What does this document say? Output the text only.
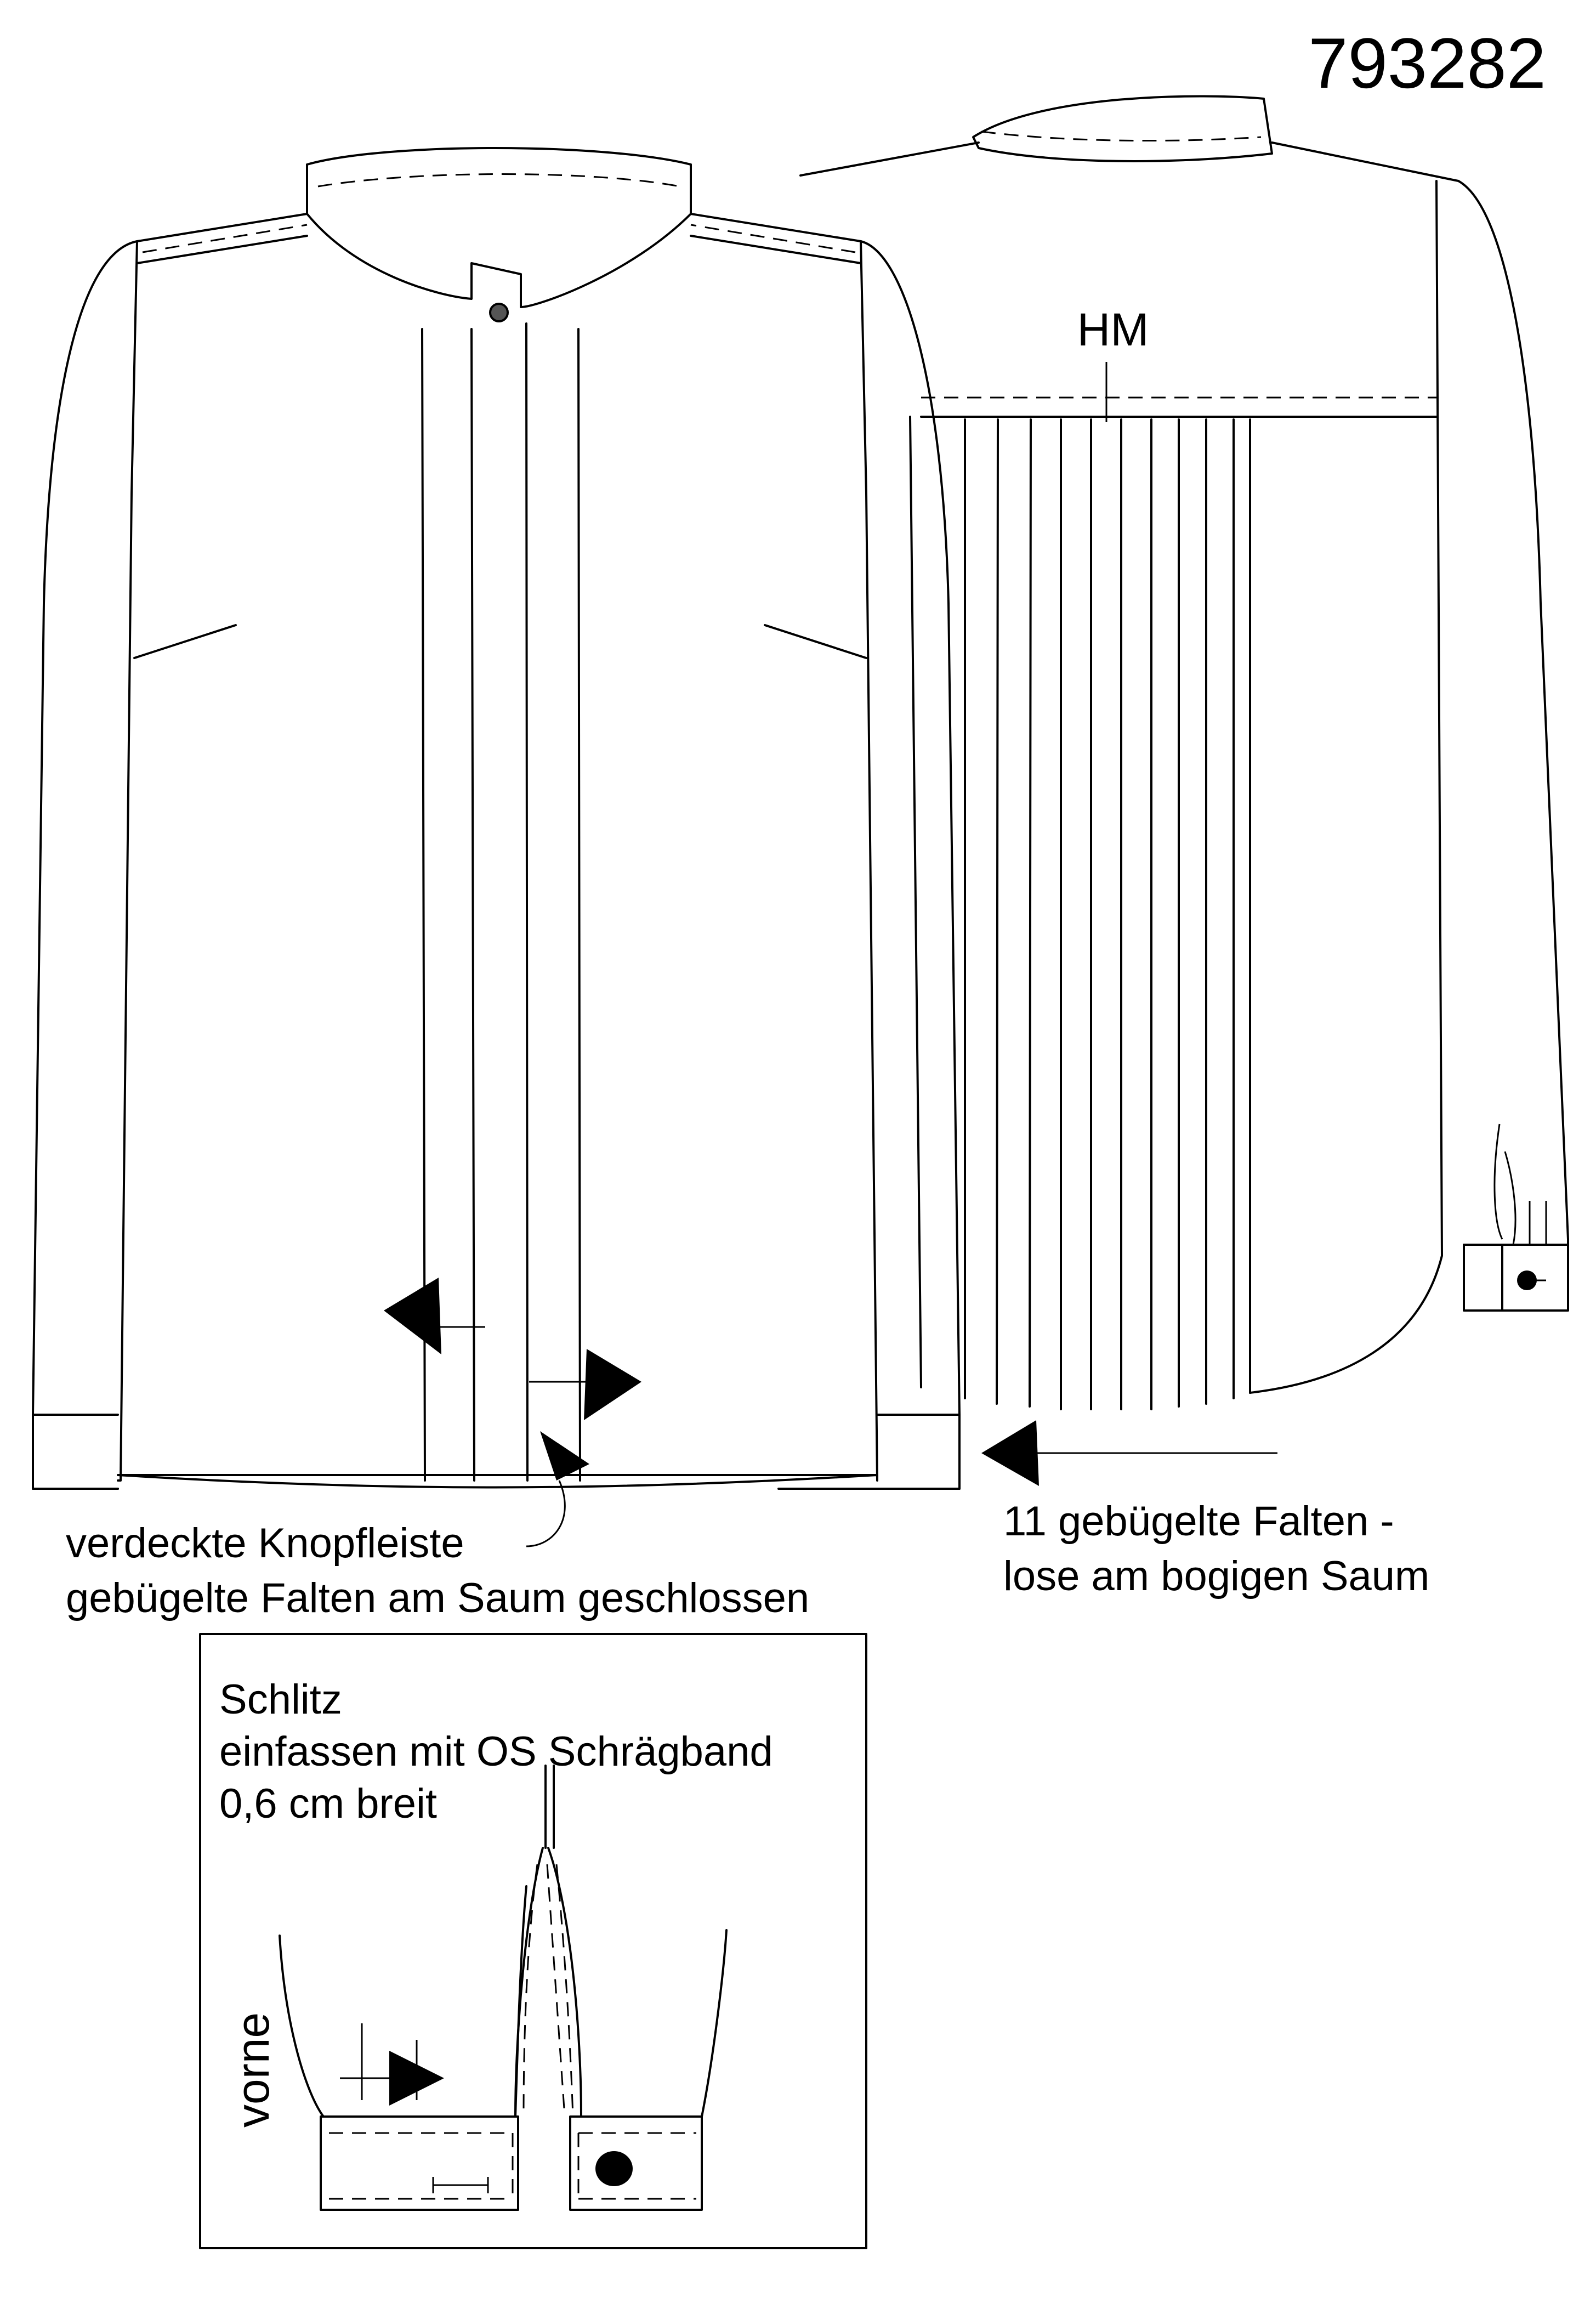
793282
verdeckte Knopfleiste
gebügelte Falten am Saum geschlossen
HM
11 gebügelte Falten -
lose am bogigen Saum
Schlitz
einfassen mit OS Schrägband
0,6 cm breit
vorne
